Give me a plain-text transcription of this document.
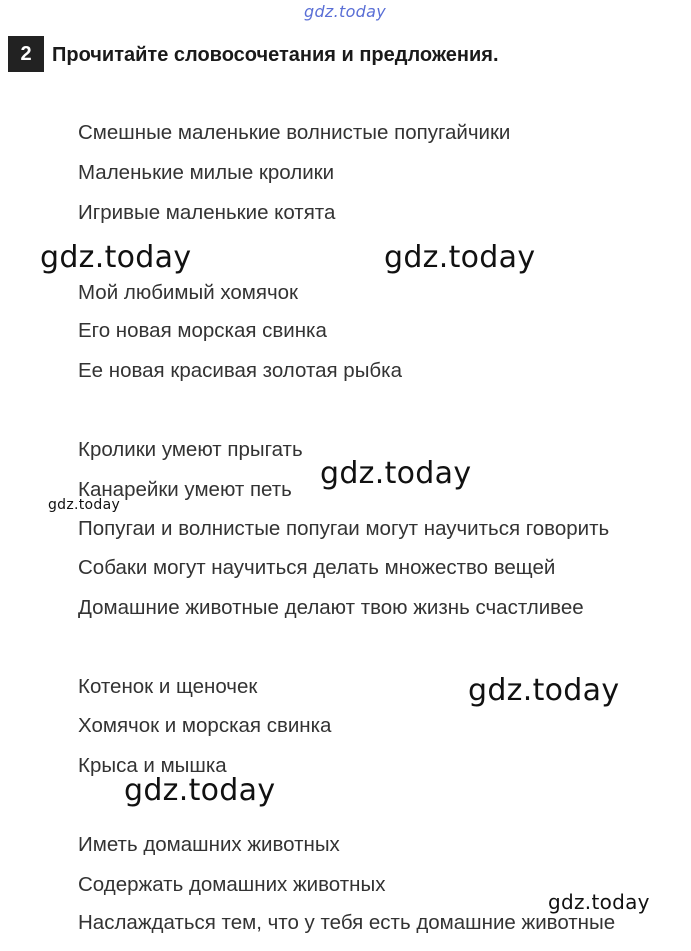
gdz.today
2	Прочитайте словосочетания и предложения.
Смешные маленькие волнистые попугайчики
Маленькие милые кролики
Игривые маленькие котята
Мой любимый хомячок
Его новая морская свинка
Ее новая красивая золотая рыбка
Кролики умеют прыгать
Канарейки умеют петь
Попугаи и волнистые попугаи могут научиться говорить
Собаки могут научиться делать множество вещей
Домашние животные делают твою жизнь счастливее
Котенок и щеночек
Хомячок и морская свинка
Крыса и мышка
Иметь домашних животных
Содержать домашних животных
Наслаждаться тем, что у тебя есть домашние животные
gdz.today	gdz.today
gdz.today
gdz.today
gdz.today
gdz.today
gdz.today
